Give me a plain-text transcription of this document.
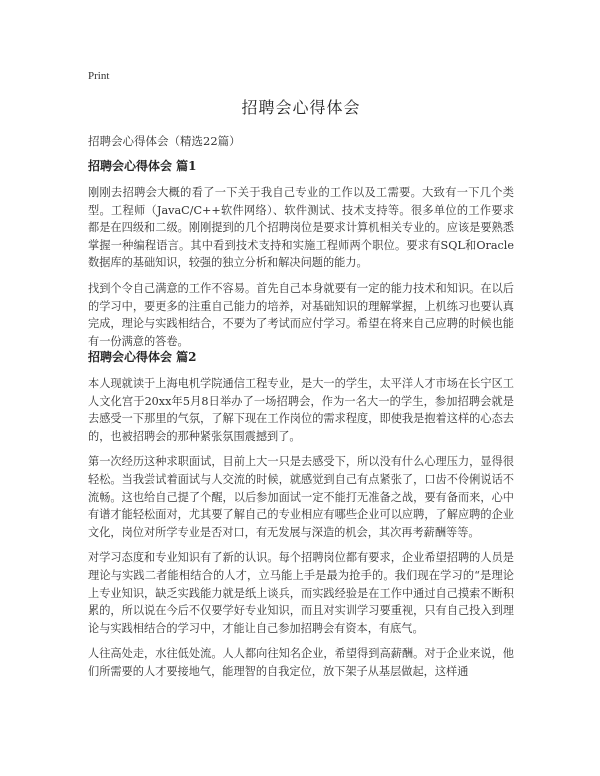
Print
招聘会心得体会
招聘会心得体会（精选22篇）
招聘会心得体会 篇1

刚刚去招聘会大概的看了一下关于我自己专业的工作以及工需要。大致有一下几个类型。工程师（JavaC/C++软件网络）、软件测试、技术支持等。很多单位的工作要求都是在四级和二级。刚刚提到的几个招聘岗位是要求计算机相关专业的。应该是要熟悉掌握一种编程语言。其中看到技术支持和实施工程师两个职位。要求有SQL和Oracle数据库的基础知识，较强的独立分析和解决问题的能力。

找到个令自己满意的工作不容易。首先自己本身就要有一定的能力技术和知识。在以后的学习中，要更多的注重自己能力的培养，对基础知识的理解掌握，上机练习也要认真完成，理论与实践相结合，不要为了考试而应付学习。希望在将来自己应聘的时候也能有一份满意的答卷。

招聘会心得体会 篇2

本人现就读于上海电机学院通信工程专业，是大一的学生，太平洋人才市场在长宁区工人文化宫于20xx年5月8日举办了一场招聘会，作为一名大一的学生，参加招聘会就是去感受一下那里的气氛，了解下现在工作岗位的需求程度，即使我是抱着这样的心态去的，也被招聘会的那种紧张氛围震撼到了。

第一次经历这种求职面试，目前上大一只是去感受下，所以没有什么心理压力，显得很轻松。当我尝试着面试与人交流的时候，就感觉到自己有点紧张了，口齿不伶俐说话不流畅。这也给自己提了个醒，以后参加面试一定不能打无准备之战，要有备而来，心中有谱才能轻松面对，尤其要了解自己的专业相应有哪些企业可以应聘，了解应聘的企业文化，岗位对所学专业是否对口，有无发展与深造的机会，其次再考薪酬等等。

对学习态度和专业知识有了新的认识。每个招聘岗位都有要求，企业希望招聘的人员是理论与实践二者能相结合的人才，立马能上手是最为抢手的。我们现在学习的“是理论上专业知识，缺乏实践能力就是纸上谈兵，而实践经验是在工作中通过自己摸索不断积累的，所以说在今后不仅要学好专业知识，而且对实训学习要重视，只有自己投入到理论与实践相结合的学习中，才能让自己参加招聘会有资本，有底气。

人往高处走，水往低处流。人人都向往知名企业，希望得到高薪酬。对于企业来说，他们所需要的人才要接地气，能理智的自我定位，放下架子从基层做起，这样通
